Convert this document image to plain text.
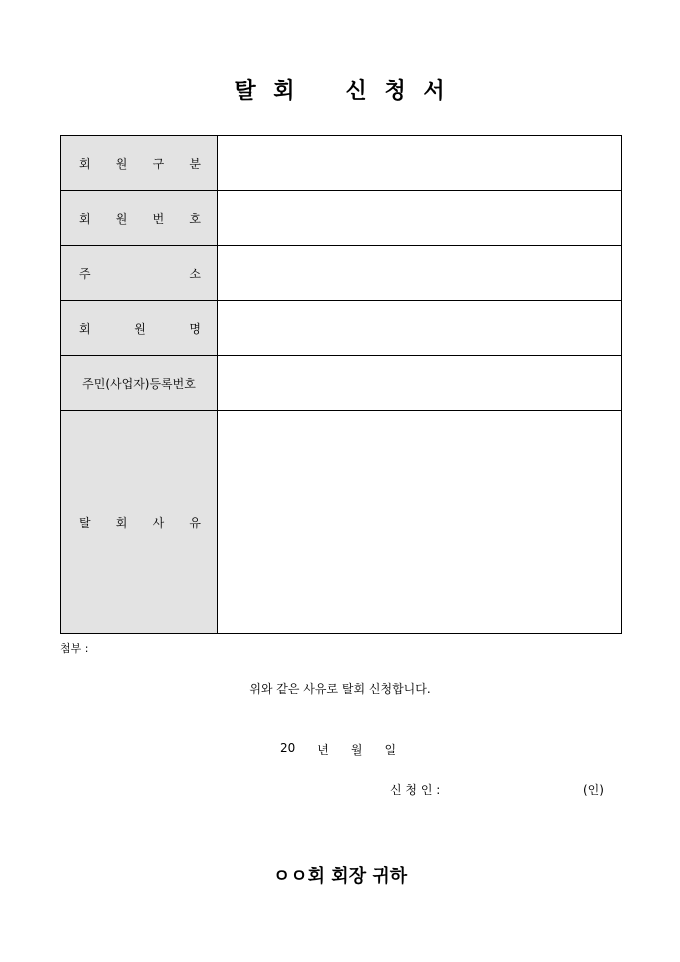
탈 회   신 청 서
회 원 구 분	

회 원 번 호	

주 소	

회 원 명	

주민(사업자)등록번호	

탈 회 사 유	

첨부 :
위와 같은 사유로 탈회 신청합니다.
20 년 월 일
신 청 인 :	(인)
ㅇㅇ회 회장 귀하
